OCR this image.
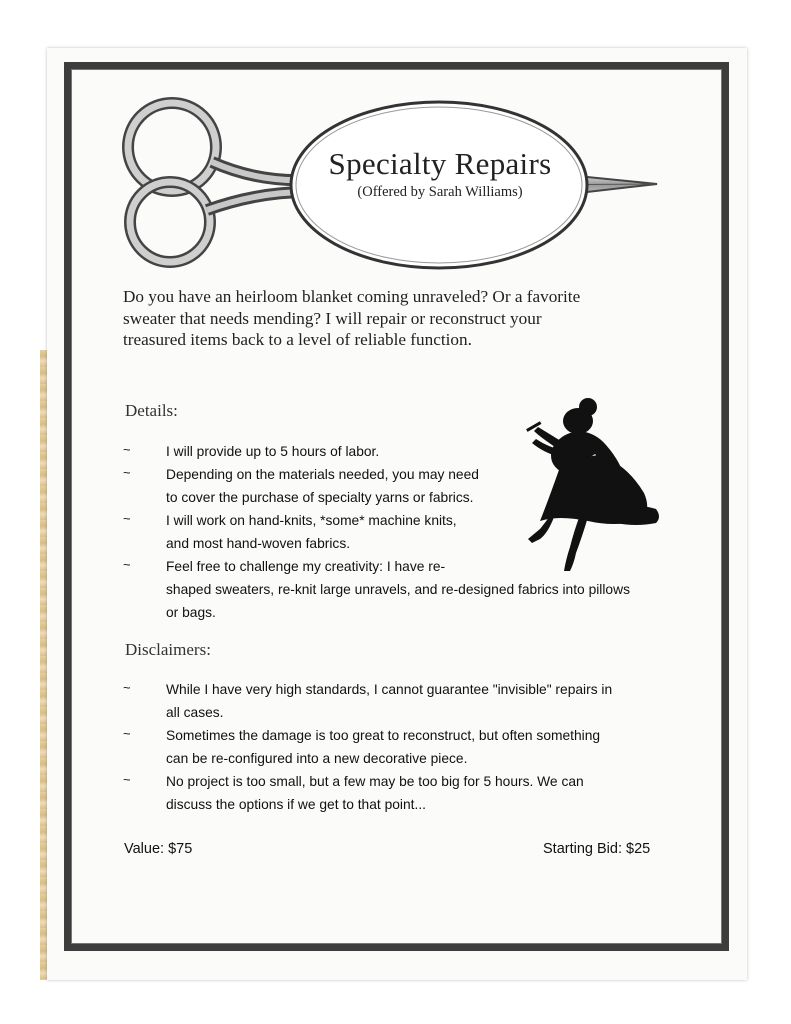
Specialty Repairs
(Offered by Sarah Williams)

Do you have an heirloom blanket coming unraveled? Or a favorite

sweater that needs mending? I will repair or reconstruct your

treasured items back to a level of reliable function.

Details:
~	I will provide up to 5 hours of labor.
~	Depending on the materials needed, you may need
to cover the purchase of specialty yarns or fabrics.
~	I will work on hand-knits, *some* machine knits,
and most hand-woven fabrics.
~	Feel free to challenge my creativity: I have re-
shaped sweaters, re-knit large unravels, and re-designed fabrics into pillows
or bags.
Disclaimers:
~	While I have very high standards, I cannot guarantee "invisible" repairs in
all cases.
~	Sometimes the damage is too great to reconstruct, but often something
can be re-configured into a new decorative piece.
~	No project is too small, but a few may be too big for 5 hours. We can
discuss the options if we get to that point...
Value: $75	Starting Bid: $25
